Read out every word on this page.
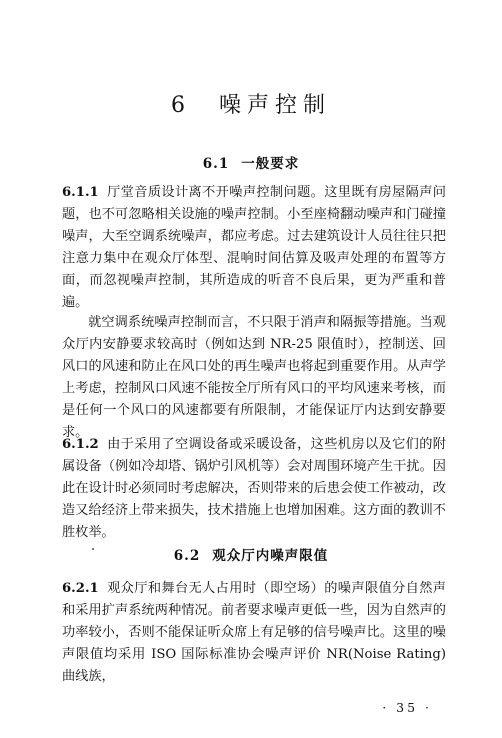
6　噪声控制
6.1 一般要求

6.1.1 厅堂音质设计离不开噪声控制问题。这里既有房屋隔声问题，也不可忽略相关设施的噪声控制。小至座椅翻动噪声和门碰撞噪声，大至空调系统噪声，都应考虑。过去建筑设计人员往往只把注意力集中在观众厅体型、混响时间估算及吸声处理的布置等方面，而忽视噪声控制，其所造成的听音不良后果，更为严重和普遍。

就空调系统噪声控制而言，不只限于消声和隔振等措施。当观众厅内安静要求较高时（例如达到 NR-25 限值时），控制送、回风口的风速和防止在风口处的再生噪声也将起到重要作用。从声学上考虑，控制风口风速不能按全厅所有风口的平均风速来考核，而是任何一个风口的风速都要有所限制，才能保证厅内达到安静要求。

6.1.2 由于采用了空调设备或采暖设备，这些机房以及它们的附属设备（例如冷却塔、锅炉引风机等）会对周围环境产生干扰。因此在设计时必须同时考虑解决，否则带来的后患会使工作被动，改造又给经济上带来损失，技术措施上也增加困难。这方面的教训不胜枚举。

6.2 观众厅内噪声限值

6.2.1 观众厅和舞台无人占用时（即空场）的噪声限值分自然声和采用扩声系统两种情况。前者要求噪声更低一些，因为自然声的功率较小，否则不能保证听众席上有足够的信号噪声比。这里的噪声限值均采用 ISO 国际标准协会噪声评价 NR(Noise Rating) 曲线族，

· 35 ·
